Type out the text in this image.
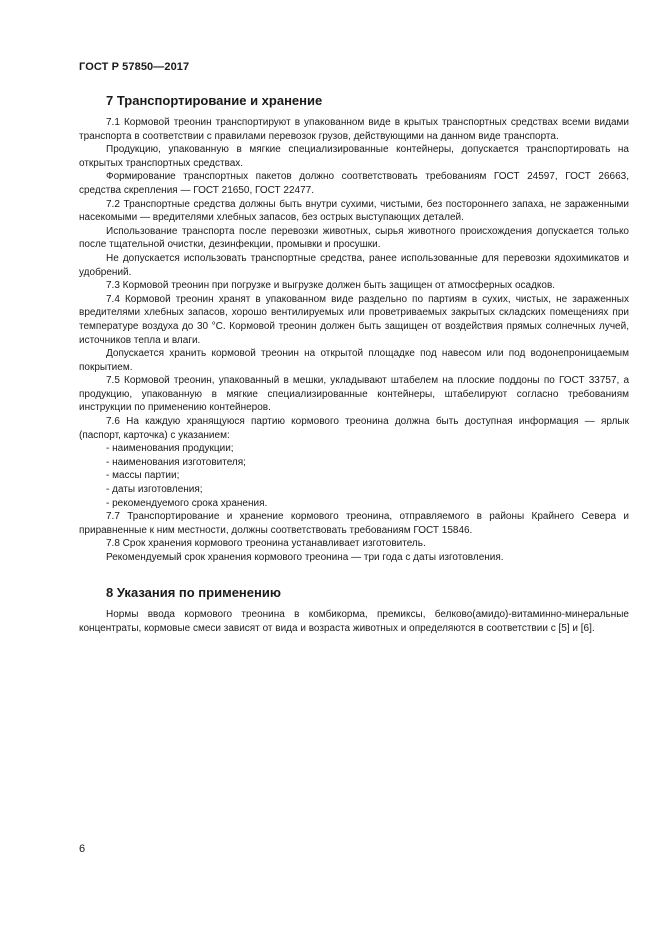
ГОСТ Р 57850—2017
7 Транспортирование и хранение

7.1 Кормовой треонин транспортируют в упакованном виде в крытых транспортных средствах всеми видами транспорта в соответствии с правилами перевозок грузов, действующими на данном виде транспорта.

Продукцию, упакованную в мягкие специализированные контейнеры, допускается транспортировать на открытых транспортных средствах.

Формирование транспортных пакетов должно соответствовать требованиям ГОСТ 24597, ГОСТ 26663, средства скрепления — ГОСТ 21650, ГОСТ 22477.

7.2 Транспортные средства должны быть внутри сухими, чистыми, без постороннего запаха, не зараженными насекомыми — вредителями хлебных запасов, без острых выступающих деталей.

Использование транспорта после перевозки животных, сырья животного происхождения допускается только после тщательной очистки, дезинфекции, промывки и просушки.

Не допускается использовать транспортные средства, ранее использованные для перевозки ядохимикатов и удобрений.

7.3 Кормовой треонин при погрузке и выгрузке должен быть защищен от атмосферных осадков.

7.4 Кормовой треонин хранят в упакованном виде раздельно по партиям в сухих, чистых, не зараженных вредителями хлебных запасов, хорошо вентилируемых или проветриваемых закрытых складских помещениях при температуре воздуха до 30 °С. Кормовой треонин должен быть защищен от воздействия прямых солнечных лучей, источников тепла и влаги.

Допускается хранить кормовой треонин на открытой площадке под навесом или под водонепроницаемым покрытием.

7.5 Кормовой треонин, упакованный в мешки, укладывают штабелем на плоские поддоны по ГОСТ 33757, а продукцию, упакованную в мягкие специализированные контейнеры, штабелируют согласно требованиям инструкции по применению контейнеров.

7.6 На каждую хранящуюся партию кормового треонина должна быть доступная информация — ярлык (паспорт, карточка) с указанием:

- наименования продукции;

- наименования изготовителя;

- массы партии;

- даты изготовления;

- рекомендуемого срока хранения.

7.7 Транспортирование и хранение кормового треонина, отправляемого в районы Крайнего Севера и приравненные к ним местности, должны соответствовать требованиям ГОСТ 15846.

7.8 Срок хранения кормового треонина устанавливает изготовитель.

Рекомендуемый срок хранения кормового треонина — три года с даты изготовления.

8 Указания по применению

Нормы ввода кормового треонина в комбикорма, премиксы, белково(амидо)-витаминно-минеральные концентраты, кормовые смеси зависят от вида и возраста животных и определяются в соответствии с [5] и [6].

6
